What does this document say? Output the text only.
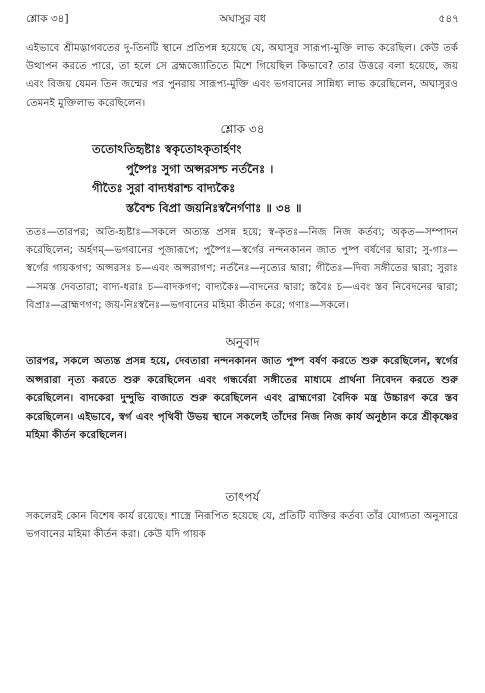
শ্লোক ৩৪]	অঘাসুর বধ	৫৪৭

এইভাবে শ্রীমদ্ভাগবতের দু-তিনটি স্থানে প্রতিপন্ন হয়েছে যে, অঘাসুর সারূপ্য-মুক্তি লাভ করেছিল। কেউ তর্ক উত্থাপন করতে পারে, তা হলে সে ব্রহ্মজ্যোতিতে মিশে গিয়েছিল কিভাবে? তার উত্তরে বলা হয়েছে, জয় এবং বিজয় যেমন তিন জন্মের পর পুনরায় সারূপ্য-মুক্তি এবং ভগবানের সান্নিধ্য লাভ করেছিলেন, অঘাসুরও তেমনই মুক্তিলাভ করেছিলেন।

শ্লোক ৩৪

ততোঽতিহৃষ্টাঃ স্বকৃতোঽকৃতার্হণং
পুষ্পৈঃ সুগা অপ্সরসশ্চ নর্তনৈঃ ।
গীতৈঃ সুরা বাদ্যধরাশ্চ বাদ্যকৈঃ
স্তবৈশ্চ বিপ্রা জয়নিঃস্বনৈর্গণাঃ ॥ ৩৪ ॥

ততঃ—তারপর; অতি-হৃষ্টাঃ—সকলে অত্যন্ত প্রসন্ন হয়ে; স্ব-কৃতঃ—নিজ নিজ কর্তব্য; অকৃত—সম্পাদন করেছিলেন; অর্হণম্—ভগবানের পূজারূপে; পুষ্পৈঃ—স্বর্গের নন্দনকানন জাত পুষ্প বর্ষণের দ্বারা; সু-গাঃ—স্বর্গের গায়কগণ; অপ্সরসঃ চ—এবং অপ্সরাগণ; নর্তনৈঃ—নৃত্যের দ্বারা; গীতৈঃ—দিব্য সঙ্গীতের দ্বারা; সুরাঃ—সমস্ত দেবতারা; বাদ্য-ধরাঃ চ—বাদকগণ; বাদ্যকৈঃ—বাদনের দ্বারা; স্তবৈঃ চ—এবং স্তব নিবেদনের দ্বারা; বিপ্রাঃ—ব্রাহ্মণগণ; জয়-নিঃস্বনৈঃ—ভগবানের মহিমা কীর্তন করে; গণাঃ—সকলে।

অনুবাদ

তারপর, সকলে অত্যন্ত প্রসন্ন হয়ে, দেবতারা নন্দনকানন জাত পুষ্প বর্ষণ করতে শুরু করেছিলেন, স্বর্গের অপ্সরারা নৃত্য করতে শুরু করেছিলেন এবং গন্ধর্বেরা সঙ্গীতের মাধ্যমে প্রার্থনা নিবেদন করতে শুরু করেছিলেন। বাদকেরা দুন্দুভি বাজাতে শুরু করেছিলেন এবং ব্রাহ্মণেরা বৈদিক মন্ত্র উচ্চারণ করে স্তব করেছিলেন। এইভাবে, স্বর্গ এবং পৃথিবী উভয় স্থানে সকলেই তাঁদের নিজ নিজ কার্য অনুষ্ঠান করে শ্রীকৃষ্ণের মহিমা কীর্তন করেছিলেন।

তাৎপর্য

সকলেরই কোন বিশেষ কার্য রয়েছে। শাস্ত্রে নিরূপিত হয়েছে যে, প্রতিটি ব্যক্তির কর্তব্য তাঁর যোগ্যতা অনুসারে ভগবানের মহিমা কীর্তন করা। কেউ যদি গায়ক
